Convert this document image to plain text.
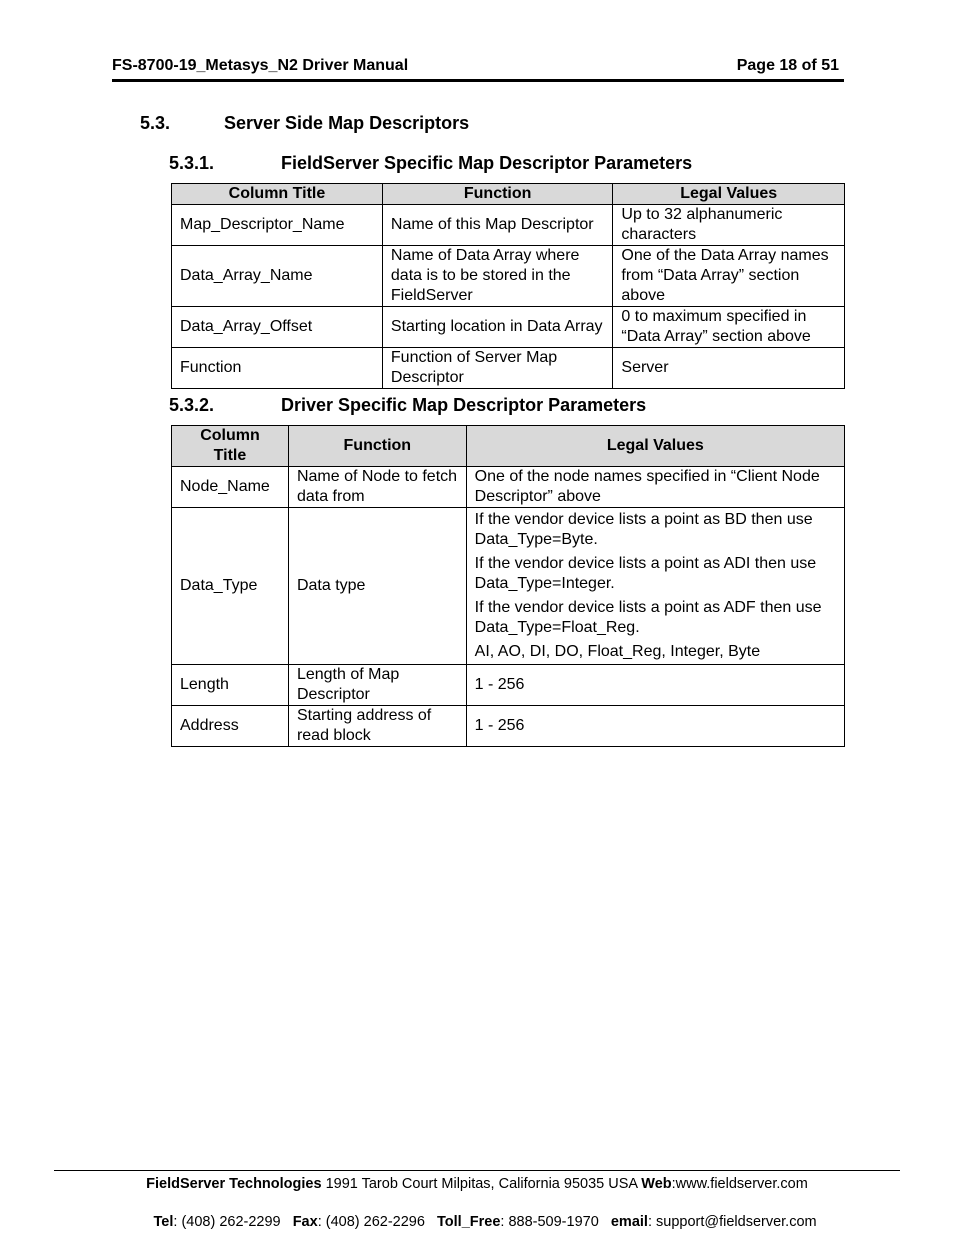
FS-8700-19_Metasys_N2 Driver Manual	Page 18 of 51
5.3.	Server Side Map Descriptors
5.3.1.	FieldServer Specific Map Descriptor Parameters
Column Title	Function	Legal Values
Map_Descriptor_Name	Name of this Map Descriptor	Up to 32 alphanumeric characters
Data_Array_Name	Name of Data Array where data is to be stored in the FieldServer	One of the Data Array names from “Data Array” section above
Data_Array_Offset	Starting location in Data Array	0 to maximum specified in “Data Array” section above
Function	Function of Server Map Descriptor	Server
5.3.2.	Driver Specific Map Descriptor Parameters
Column Title	Function	Legal Values
Node_Name	Name of Node to fetch data from	One of the node names specified in “Client Node Descriptor” above

Data_Type	Data type	If the vendor device lists a point as BD then use Data_Type=Byte.

If the vendor device lists a point as ADI then use Data_Type=Integer.

If the vendor device lists a point as ADF then use Data_Type=Float_Reg.

AI, AO, DI, DO, Float_Reg, Integer, Byte

Length	Length of Map Descriptor	1 - 256

Address	Starting address of read block	1 - 256

FieldServer Technologies 1991 Tarob Court Milpitas, California 95035 USA Web:www.fieldserver.com

Tel: (408) 262-2299   Fax: (408) 262-2296   Toll_Free: 888-509-1970   email: support@fieldserver.com
